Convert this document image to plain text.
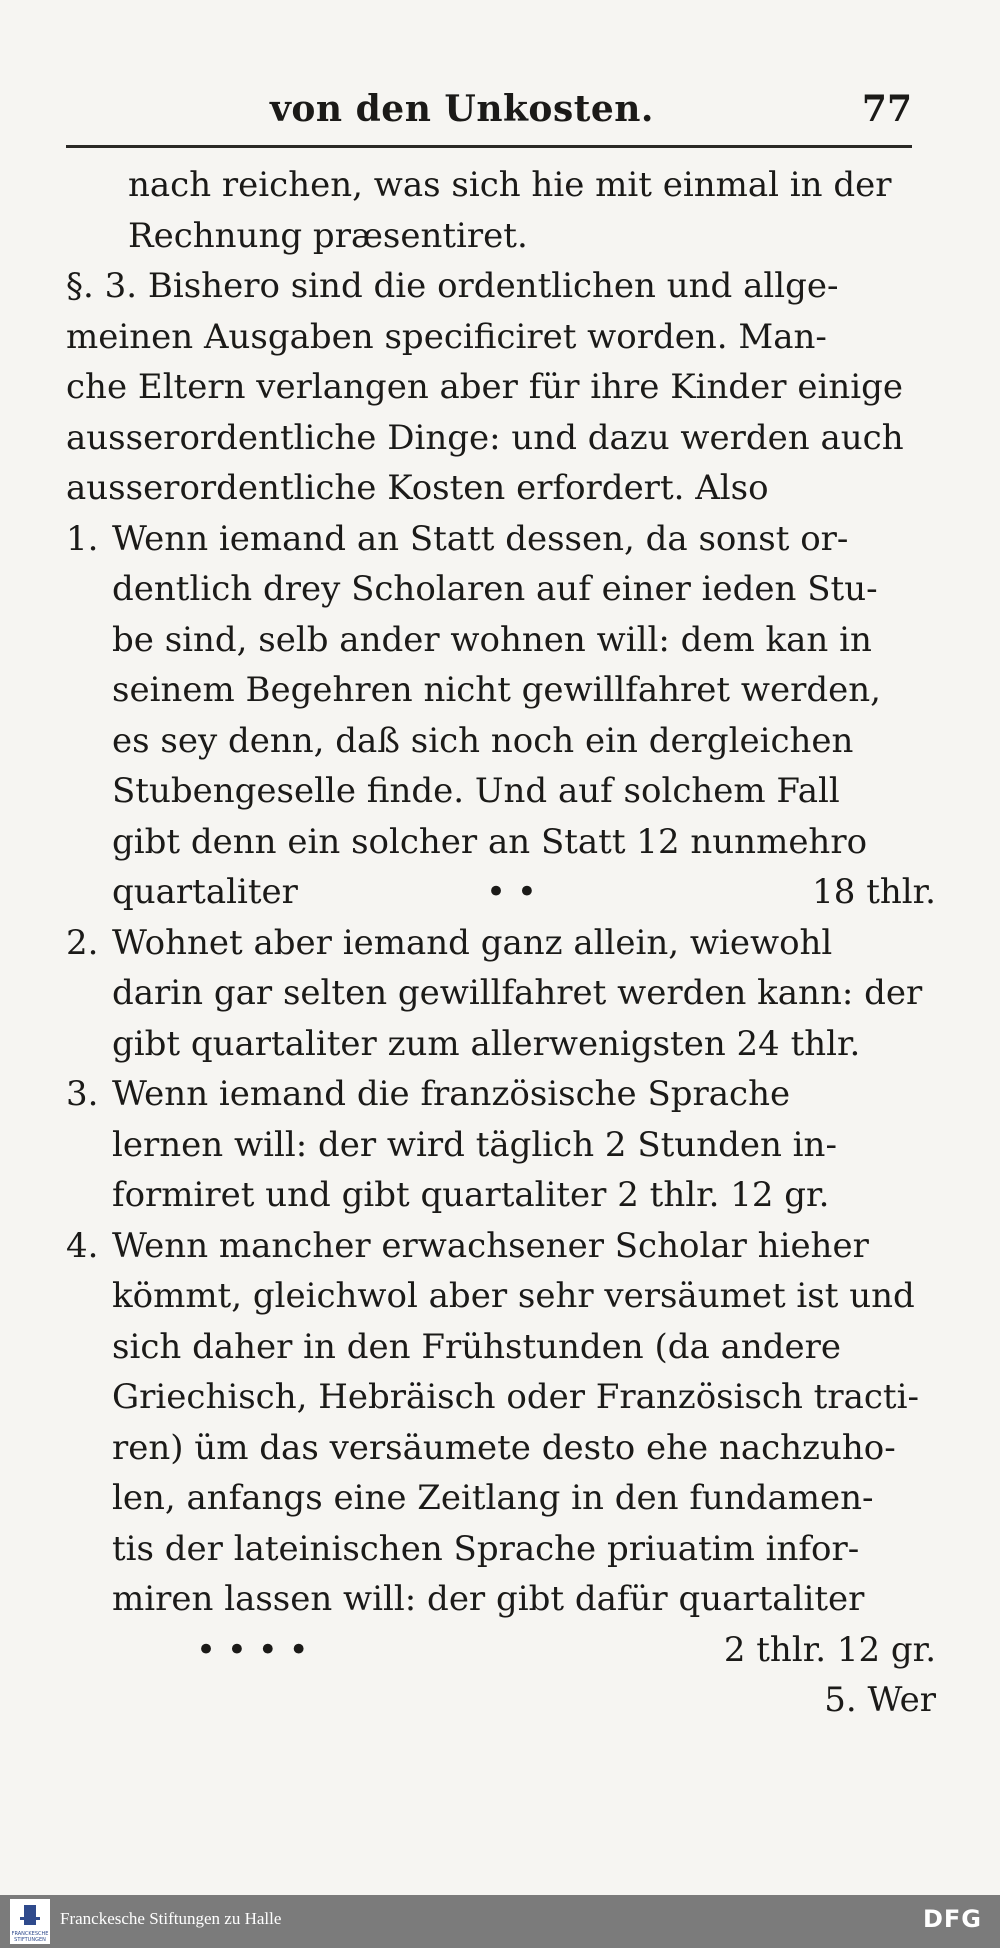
von den Unkosten.	77
nach reichen, was sich hie mit einmal in der
Rechnung præsentiret.
§. 3. Bishero sind die ordentlichen und allge-
meinen Ausgaben specificiret worden. Man-
che Eltern verlangen aber für ihre Kinder einige
ausserordentliche Dinge: und dazu werden auch
ausserordentliche Kosten erfordert. Also
1. Wenn iemand an Statt dessen, da sonst or-
dentlich drey Scholaren auf einer ieden Stu-
be sind, selb ander wohnen will: dem kan in
seinem Begehren nicht gewillfahret werden,
es sey denn, daß sich noch ein dergleichen
Stubengeselle finde. Und auf solchem Fall
gibt denn ein solcher an Statt 12 nunmehro
quartaliter	• •	18 thlr.
2. Wohnet aber iemand ganz allein, wiewohl
darin gar selten gewillfahret werden kann: der
gibt quartaliter zum allerwenigsten 24 thlr.
3. Wenn iemand die französische Sprache
lernen will: der wird täglich 2 Stunden in-
formiret und gibt quartaliter 2 thlr. 12 gr.
4. Wenn mancher erwachsener Scholar hieher
kömmt, gleichwol aber sehr versäumet ist und
sich daher in den Frühstunden (da andere
Griechisch, Hebräisch oder Französisch tracti-
ren) üm das versäumete desto ehe nachzuho-
len, anfangs eine Zeitlang in den fundamen-
tis der lateinischen Sprache priuatim infor-
miren lassen will: der gibt dafür quartaliter
• • • •	2 thlr. 12 gr.
5. Wer
FRANCKESCHE STIFTUNGEN
Franckesche Stiftungen zu Halle	DFG
